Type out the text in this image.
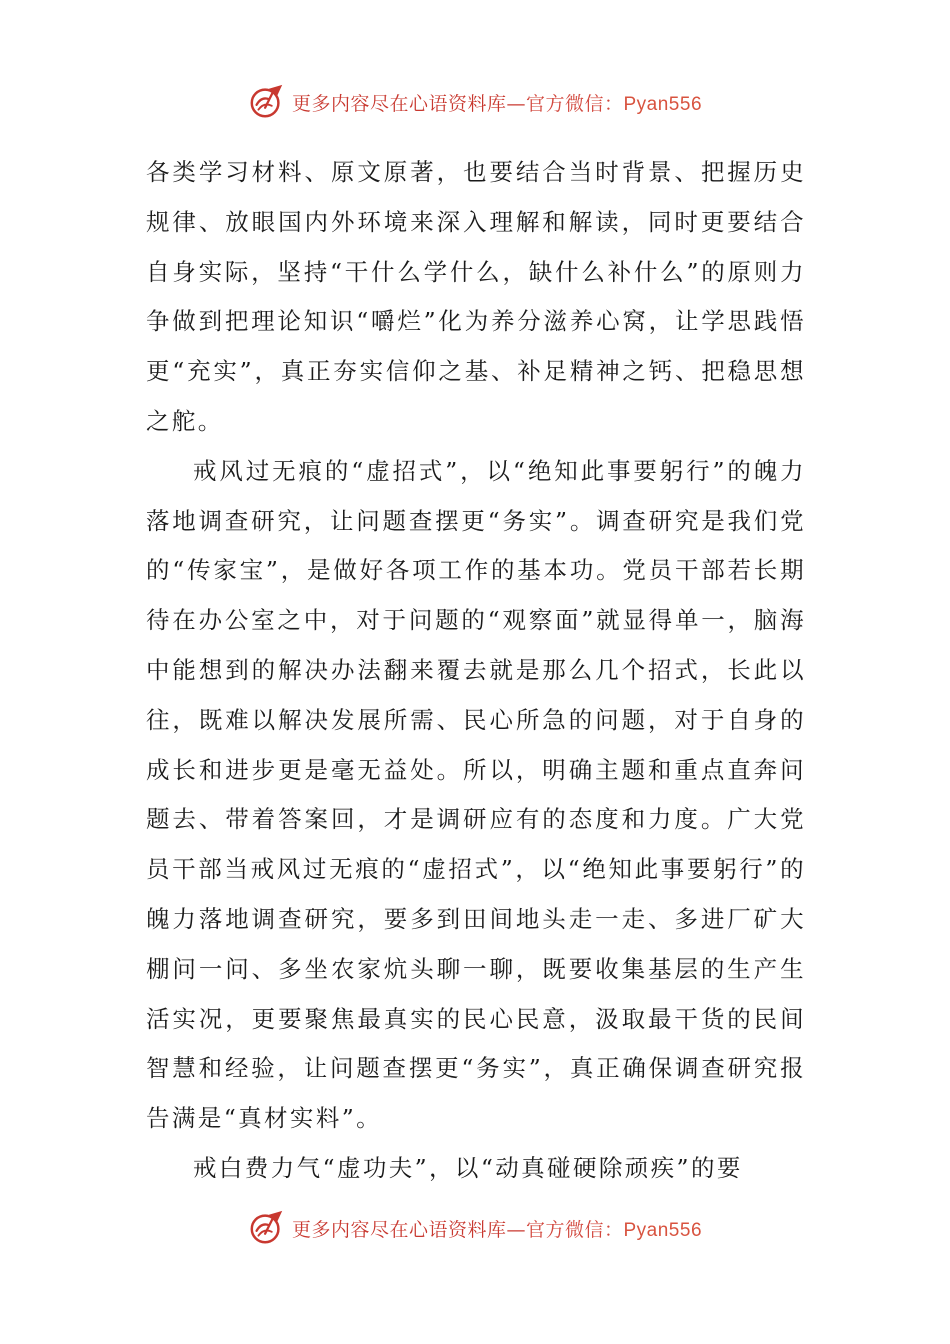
更多内容尽在心语资料库—官方微信：Pyan556

各类学习材料、原文原著，也要结合当时背景、把握历史规律、放眼国内外环境来深入理解和解读，同时更要结合自身实际，坚持“干什么学什么，缺什么补什么”的原则力争做到把理论知识“嚼烂”化为养分滋养心窝，让学思践悟更“充实”，真正夯实信仰之基、补足精神之钙、把稳思想之舵。

戒风过无痕的“虚招式”，以“绝知此事要躬行”的魄力落地调查研究，让问题查摆更“务实”。调查研究是我们党的“传家宝”，是做好各项工作的基本功。党员干部若长期待在办公室之中，对于问题的“观察面”就显得单一，脑海中能想到的解决办法翻来覆去就是那么几个招式，长此以往，既难以解决发展所需、民心所急的问题，对于自身的成长和进步更是毫无益处。所以，明确主题和重点直奔问题去、带着答案回，才是调研应有的态度和力度。广大党员干部当戒风过无痕的“虚招式”，以“绝知此事要躬行”的魄力落地调查研究，要多到田间地头走一走、多进厂矿大棚问一问、多坐农家炕头聊一聊，既要收集基层的生产生活实况，更要聚焦最真实的民心民意，汲取最干货的民间智慧和经验，让问题查摆更“务实”，真正确保调查研究报告满是“真材实料”。

戒白费力气“虚功夫”，以“动真碰硬除顽疾”的要

更多内容尽在心语资料库—官方微信：Pyan556
